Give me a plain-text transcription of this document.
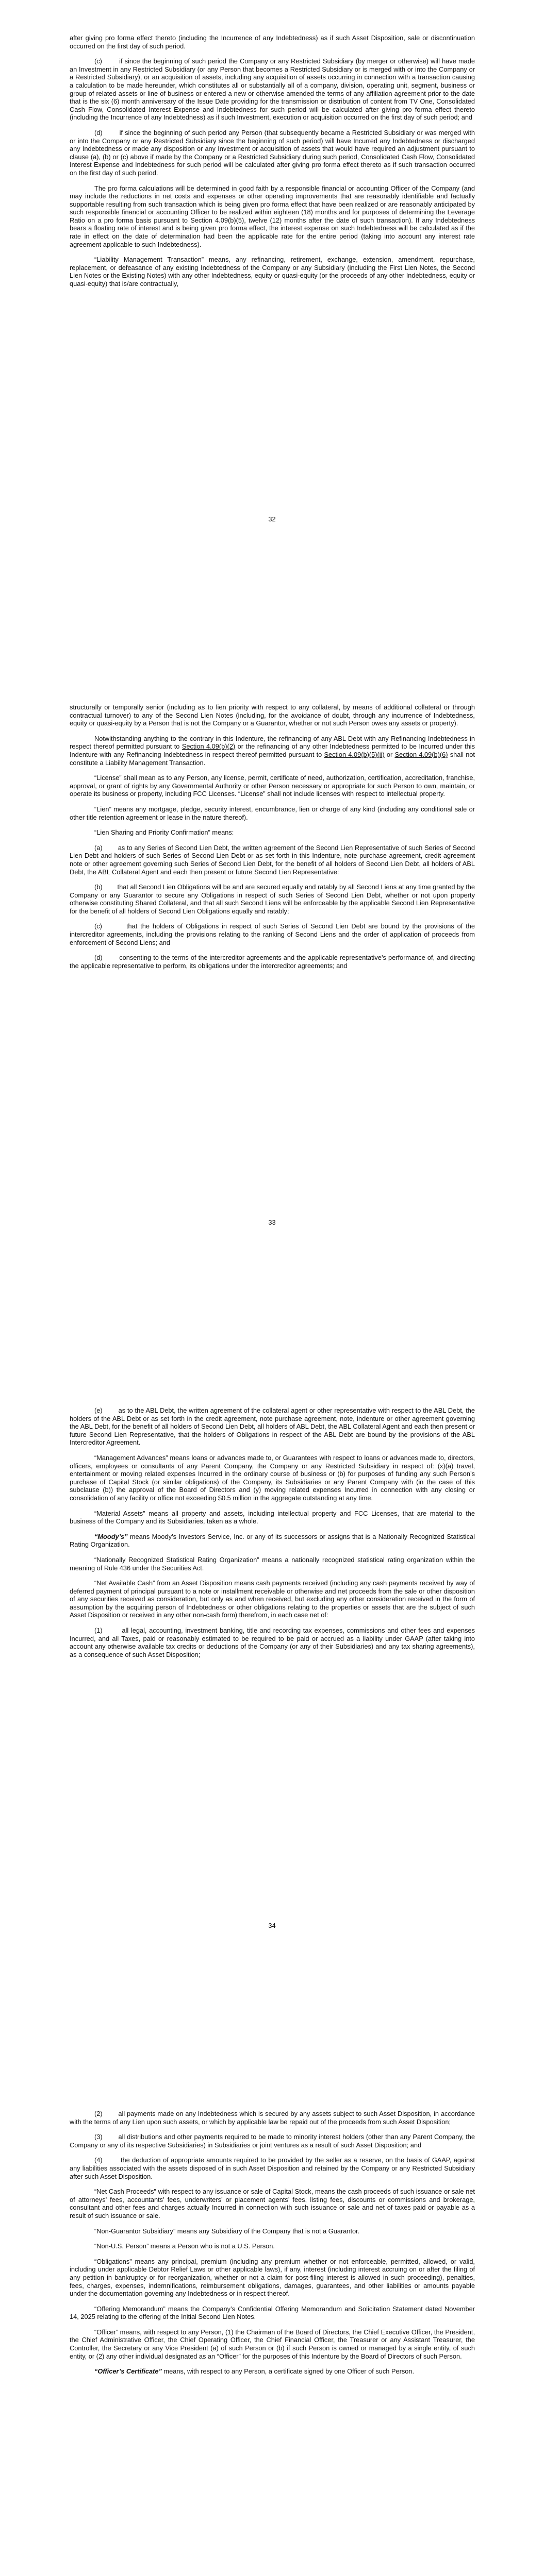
after giving pro forma effect thereto (including the Incurrence of any Indebtedness) as if such Asset Disposition, sale or discontinuation occurred on the first day of such period.

(c)	if since the beginning of such period the Company or any Restricted Subsidiary (by merger or otherwise) will have made an Investment in any Restricted Subsidiary (or any Person that becomes a Restricted Subsidiary or is merged with or into the Company or a Restricted Subsidiary), or an acquisition of assets, including any acquisition of assets occurring in connection with a transaction causing a calculation to be made hereunder, which constitutes all or substantially all of a company, division, operating unit, segment, business or group of related assets or line of business or entered a new or otherwise amended the terms of any affiliation agreement prior to the date that is the six (6) month anniversary of the Issue Date providing for the transmission or distribution of content from TV One, Consolidated Cash Flow, Consolidated Interest Expense and Indebtedness for such period will be calculated after giving pro forma effect thereto (including the Incurrence of any Indebtedness) as if such Investment, execution or acquisition occurred on the first day of such period; and

(d)	if since the beginning of such period any Person (that subsequently became a Restricted Subsidiary or was merged with or into the Company or any Restricted Subsidiary since the beginning of such period) will have Incurred any Indebtedness or discharged any Indebtedness or made any disposition or any Investment or acquisition of assets that would have required an adjustment pursuant to clause (a), (b) or (c) above if made by the Company or a Restricted Subsidiary during such period, Consolidated Cash Flow, Consolidated Interest Expense and Indebtedness for such period will be calculated after giving pro forma effect thereto as if such transaction occurred on the first day of such period.

The pro forma calculations will be determined in good faith by a responsible financial or accounting Officer of the Company (and may include the reductions in net costs and expenses or other operating improvements that are reasonably identifiable and factually supportable resulting from such transaction which is being given pro forma effect that have been realized or are reasonably anticipated by such responsible financial or accounting Officer to be realized within eighteen (18) months and for purposes of determining the Leverage Ratio on a pro forma basis pursuant to Section 4.09(b)(5), twelve (12) months after the date of such transaction). If any Indebtedness bears a floating rate of interest and is being given pro forma effect, the interest expense on such Indebtedness will be calculated as if the rate in effect on the date of determination had been the applicable rate for the entire period (taking into account any interest rate agreement applicable to such Indebtedness).

“Liability Management Transaction” means, any refinancing, retirement, exchange, extension, amendment, repurchase, replacement, or defeasance of any existing Indebtedness of the Company or any Subsidiary (including the First Lien Notes, the Second Lien Notes or the Existing Notes) with any other Indebtedness, equity or quasi-equity (or the proceeds of any other Indebtedness, equity or quasi-equity) that is/are contractually,

32

structurally or temporally senior (including as to lien priority with respect to any collateral, by means of additional collateral or through contractual turnover) to any of the Second Lien Notes (including, for the avoidance of doubt, through any incurrence of Indebtedness, equity or quasi-equity by a Person that is not the Company or a Guarantor, whether or not such Person owes any assets or property).

Notwithstanding anything to the contrary in this Indenture, the refinancing of any ABL Debt with any Refinancing Indebtedness in respect thereof permitted pursuant to Section 4.09(b)(2) or the refinancing of any other Indebtedness permitted to be Incurred under this Indenture with any Refinancing Indebtedness in respect thereof permitted pursuant to Section 4.09(b)(5)(ii) or Section 4.09(b)(6) shall not constitute a Liability Management Transaction.

“License” shall mean as to any Person, any license, permit, certificate of need, authorization, certification, accreditation, franchise, approval, or grant of rights by any Governmental Authority or other Person necessary or appropriate for such Person to own, maintain, or operate its business or property, including FCC Licenses. “License” shall not include licenses with respect to intellectual property.

“Lien” means any mortgage, pledge, security interest, encumbrance, lien or charge of any kind (including any conditional sale or other title retention agreement or lease in the nature thereof).

“Lien Sharing and Priority Confirmation” means:

(a) as to any Series of Second Lien Debt, the written agreement of the Second Lien Representative of such Series of Second Lien Debt and holders of such Series of Second Lien Debt or as set forth in this Indenture, note purchase agreement, credit agreement note or other agreement governing such Series of Second Lien Debt, for the benefit of all holders of Second Lien Debt, all holders of ABL Debt, the ABL Collateral Agent and each then present or future Second Lien Representative:

(b) that all Second Lien Obligations will be and are secured equally and ratably by all Second Liens at any time granted by the Company or any Guarantor to secure any Obligations in respect of such Series of Second Lien Debt, whether or not upon property otherwise constituting Shared Collateral, and that all such Second Liens will be enforceable by the applicable Second Lien Representative for the benefit of all holders of Second Lien Obligations equally and ratably;

(c)	that the holders of Obligations in respect of such Series of Second Lien Debt are bound by the provisions of the intercreditor agreements, including the provisions relating to the ranking of Second Liens and the order of application of proceeds from enforcement of Second Liens; and

(d)	consenting to the terms of the intercreditor agreements and the applicable representative’s performance of, and directing the applicable representative to perform, its obligations under the intercreditor agreements; and

33

(e) as to the ABL Debt, the written agreement of the collateral agent or other representative with respect to the ABL Debt, the holders of the ABL Debt or as set forth in the credit agreement, note purchase agreement, note, indenture or other agreement governing the ABL Debt, for the benefit of all holders of Second Lien Debt, all holders of ABL Debt, the ABL Collateral Agent and each then present or future Second Lien Representative, that the holders of Obligations in respect of the ABL Debt are bound by the provisions of the ABL Intercreditor Agreement.

“Management Advances” means loans or advances made to, or Guarantees with respect to loans or advances made to, directors, officers, employees or consultants of any Parent Company, the Company or any Restricted Subsidiary in respect of: (x)(a) travel, entertainment or moving related expenses Incurred in the ordinary course of business or (b) for purposes of funding any such Person’s purchase of Capital Stock (or similar obligations) of the Company, its Subsidiaries or any Parent Company with (in the case of this subclause (b)) the approval of the Board of Directors and (y) moving related expenses Incurred in connection with any closing or consolidation of any facility or office not exceeding $0.5 million in the aggregate outstanding at any time.

“Material Assets” means all property and assets, including intellectual property and FCC Licenses, that are material to the business of the Company and its Subsidiaries, taken as a whole.

“Moody’s” means Moody’s Investors Service, Inc. or any of its successors or assigns that is a Nationally Recognized Statistical Rating Organization.

“Nationally Recognized Statistical Rating Organization” means a nationally recognized statistical rating organization within the meaning of Rule 436 under the Securities Act.

“Net Available Cash” from an Asset Disposition means cash payments received (including any cash payments received by way of deferred payment of principal pursuant to a note or installment receivable or otherwise and net proceeds from the sale or other disposition of any securities received as consideration, but only as and when received, but excluding any other consideration received in the form of assumption by the acquiring person of Indebtedness or other obligations relating to the properties or assets that are the subject of such Asset Disposition or received in any other non-cash form) therefrom, in each case net of:

(1)	all legal, accounting, investment banking, title and recording tax expenses, commissions and other fees and expenses Incurred, and all Taxes, paid or reasonably estimated to be required to be paid or accrued as a liability under GAAP (after taking into account any otherwise available tax credits or deductions of the Company (or any of their Subsidiaries) and any tax sharing agreements), as a consequence of such Asset Disposition;

34

(2) all payments made on any Indebtedness which is secured by any assets subject to such Asset Disposition, in accordance with the terms of any Lien upon such assets, or which by applicable law be repaid out of the proceeds from such Asset Disposition;

(3) all distributions and other payments required to be made to minority interest holders (other than any Parent Company, the Company or any of its respective Subsidiaries) in Subsidiaries or joint ventures as a result of such Asset Disposition; and

(4)	the deduction of appropriate amounts required to be provided by the seller as a reserve, on the basis of GAAP, against any liabilities associated with the assets disposed of in such Asset Disposition and retained by the Company or any Restricted Subsidiary after such Asset Disposition.

“Net Cash Proceeds” with respect to any issuance or sale of Capital Stock, means the cash proceeds of such issuance or sale net of attorneys’ fees, accountants’ fees, underwriters’ or placement agents’ fees, listing fees, discounts or commissions and brokerage, consultant and other fees and charges actually Incurred in connection with such issuance or sale and net of taxes paid or payable as a result of such issuance or sale.

“Non-Guarantor Subsidiary” means any Subsidiary of the Company that is not a Guarantor.

“Non-U.S. Person” means a Person who is not a U.S. Person.

“Obligations” means any principal, premium (including any premium whether or not enforceable, permitted, allowed, or valid, including under applicable Debtor Relief Laws or other applicable laws), if any, interest (including interest accruing on or after the filing of any petition in bankruptcy or for reorganization, whether or not a claim for post-filing interest is allowed in such proceeding), penalties, fees, charges, expenses, indemnifications, reimbursement obligations, damages, guarantees, and other liabilities or amounts payable under the documentation governing any Indebtedness or in respect thereof.

“Offering Memorandum” means the Company’s Confidential Offering Memorandum and Solicitation Statement dated November 14, 2025 relating to the offering of the Initial Second Lien Notes.

“Officer” means, with respect to any Person, (1) the Chairman of the Board of Directors, the Chief Executive Officer, the President, the Chief Administrative Officer, the Chief Operating Officer, the Chief Financial Officer, the Treasurer or any Assistant Treasurer, the Controller, the Secretary or any Vice President (a) of such Person or (b) if such Person is owned or managed by a single entity, of such entity, or (2) any other individual designated as an “Officer” for the purposes of this Indenture by the Board of Directors of such Person.

“Officer’s Certificate” means, with respect to any Person, a certificate signed by one Officer of such Person.
